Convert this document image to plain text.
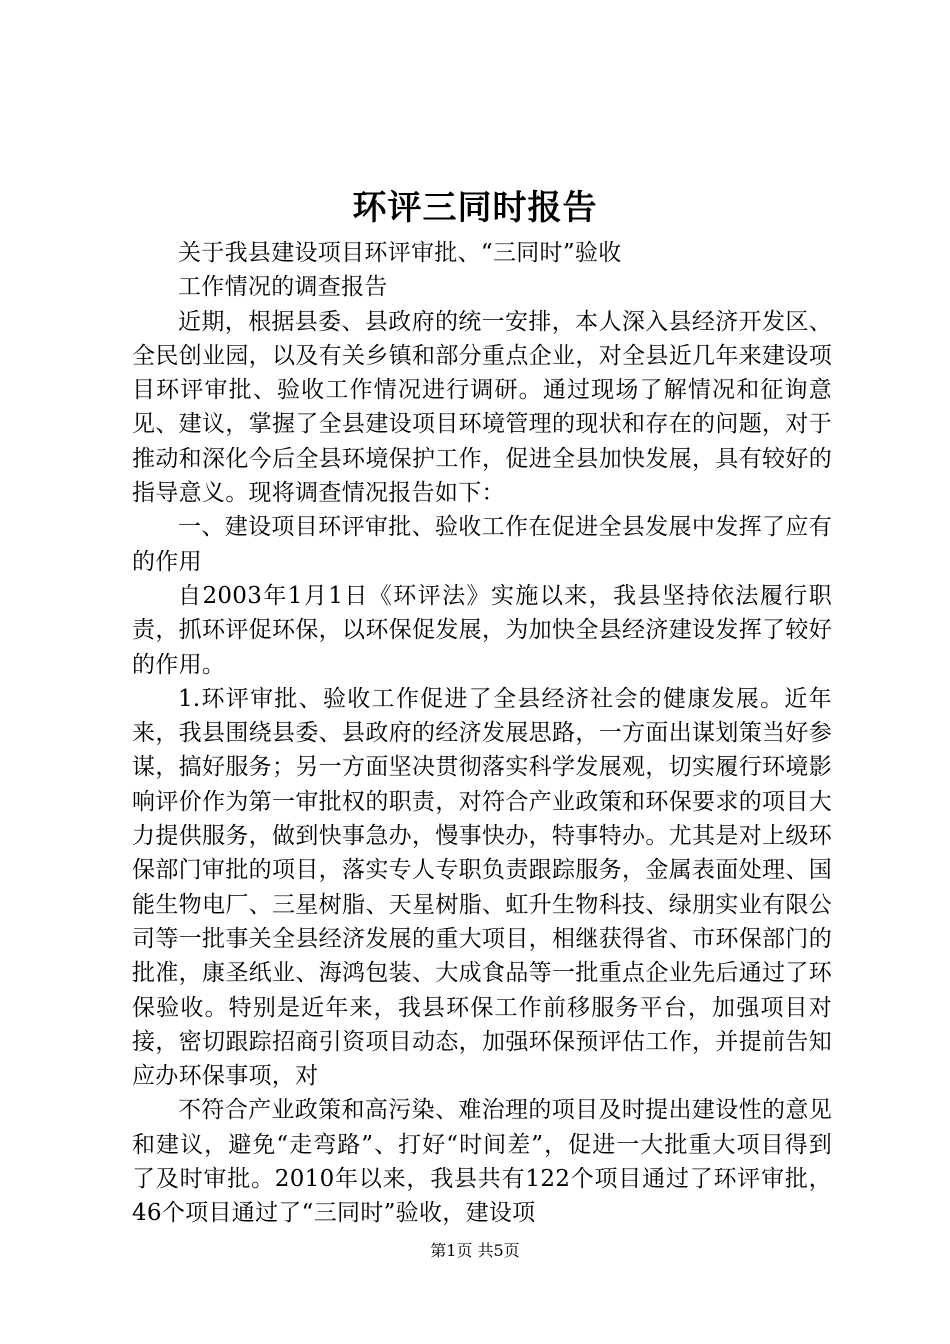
环评三同时报告

关于我县建设项目环评审批、“三同时”验收

工作情况的调查报告

近期，根据县委、县政府的统一安排，本人深入县经济开发区、全民创业园，以及有关乡镇和部分重点企业，对全县近几年来建设项目环评审批、验收工作情况进行调研。通过现场了解情况和征询意见、建议，掌握了全县建设项目环境管理的现状和存在的问题，对于推动和深化今后全县环境保护工作，促进全县加快发展，具有较好的指导意义。现将调查情况报告如下：

一、建设项目环评审批、验收工作在促进全县发展中发挥了应有的作用

自2003年1月1日《环评法》实施以来，我县坚持依法履行职责，抓环评促环保，以环保促发展，为加快全县经济建设发挥了较好的作用。

1.环评审批、验收工作促进了全县经济社会的健康发展。近年来，我县围绕县委、县政府的经济发展思路，一方面出谋划策当好参谋，搞好服务；另一方面坚决贯彻落实科学发展观，切实履行环境影响评价作为第一审批权的职责，对符合产业政策和环保要求的项目大力提供服务，做到快事急办，慢事快办，特事特办。尤其是对上级环保部门审批的项目，落实专人专职负责跟踪服务，金属表面处理、国能生物电厂、三星树脂、天星树脂、虹升生物科技、绿朋实业有限公司等一批事关全县经济发展的重大项目，相继获得省、市环保部门的批准，康圣纸业、海鸿包装、大成食品等一批重点企业先后通过了环保验收。特别是近年来，我县环保工作前移服务平台，加强项目对接，密切跟踪招商引资项目动态，加强环保预评估工作，并提前告知应办环保事项，对

不符合产业政策和高污染、难治理的项目及时提出建设性的意见和建议，避免“走弯路”、打好“时间差”，促进一大批重大项目得到了及时审批。2010年以来，我县共有122个项目通过了环评审批，46个项目通过了“三同时”验收，建设项

第1页 共5页
